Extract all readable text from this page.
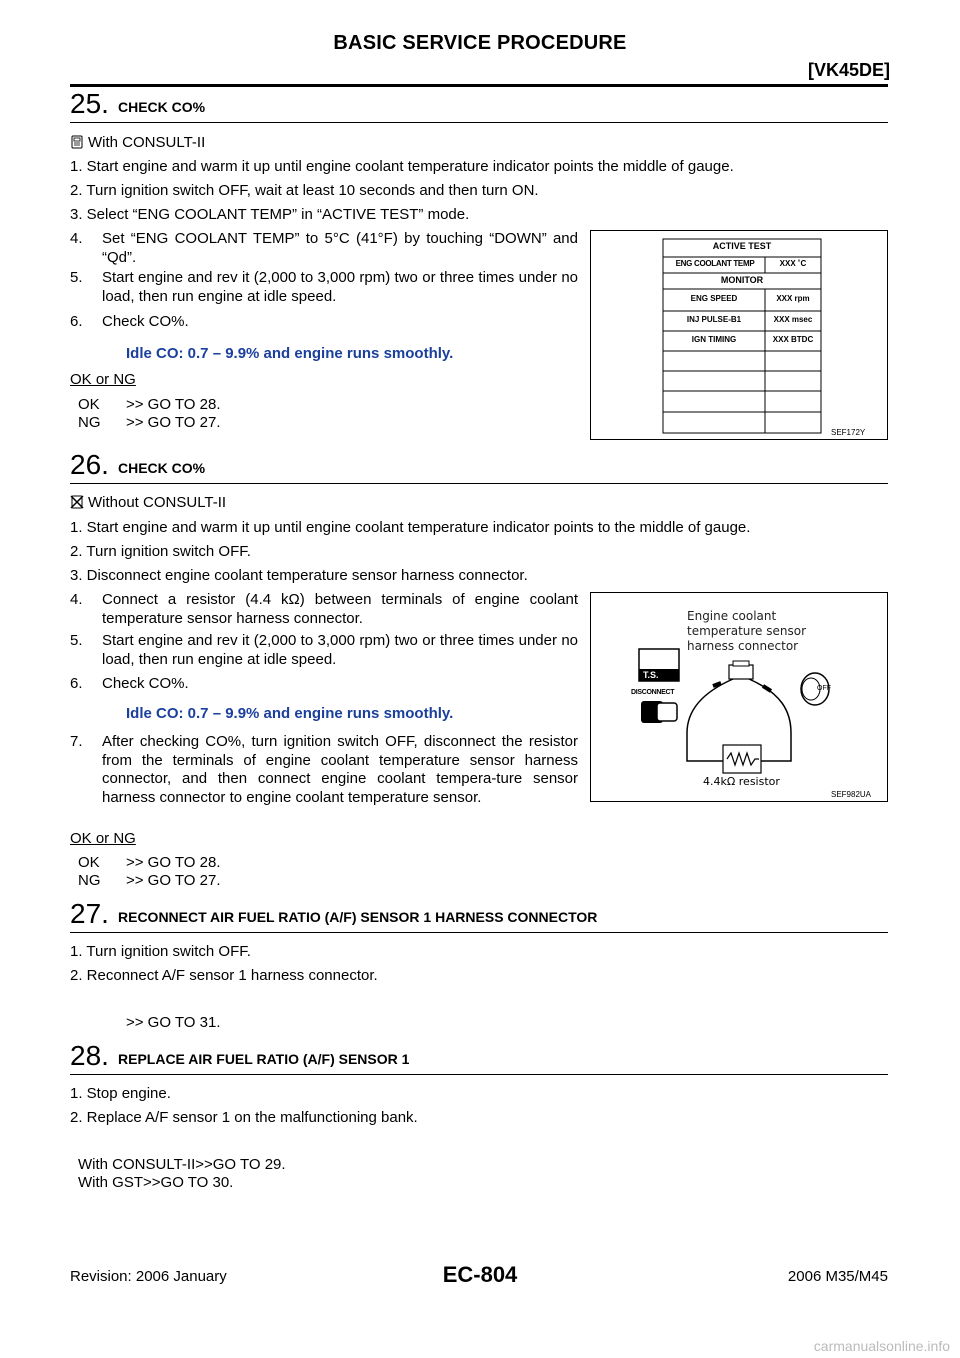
BASIC SERVICE PROCEDURE
[VK45DE]
25. CHECK CO%
With CONSULT-II
1. Start engine and warm it up until engine coolant temperature indicator points the middle of gauge.
2. Turn ignition switch OFF, wait at least 10 seconds and then turn ON.
3. Select “ENG COOLANT TEMP” in “ACTIVE TEST” mode.
4. Set “ENG COOLANT TEMP” to 5°C (41°F) by touching “DOWN” and “Qd”.
5. Start engine and rev it (2,000 to 3,000 rpm) two or three times under no load, then run engine at idle speed.
6. Check CO%.
Idle CO: 0.7 – 9.9% and engine runs smoothly.
OK or NG
OK >> GO TO 28.
NG >> GO TO 27.
ACTIVE TEST
ENG COOLANT TEMP	XXX ˚C
MONITOR
ENG SPEED	XXX rpm
INJ PULSE-B1	XXX msec
IGN TIMING	XXX BTDC
SEF172Y
26. CHECK CO%
Without CONSULT-II
1. Start engine and warm it up until engine coolant temperature indicator points to the middle of gauge.
2. Turn ignition switch OFF.
3. Disconnect engine coolant temperature sensor harness connector.
4. Connect a resistor (4.4 kΩ) between terminals of engine coolant temperature sensor harness connector.
5. Start engine and rev it (2,000 to 3,000 rpm) two or three times under no load, then run engine at idle speed.
6. Check CO%.
Idle CO: 0.7 – 9.9% and engine runs smoothly.
7. After checking CO%, turn ignition switch OFF, disconnect the resistor from the terminals of engine coolant temperature sensor harness connector, and then connect engine coolant tempera-ture sensor harness connector to engine coolant temperature sensor.
OK or NG
OK >> GO TO 28.
NG >> GO TO 27.
Engine coolant
temperature sensor
harness connector
T.S.
DISCONNECT
OFF
4.4kΩ resistor
SEF982UA
27. RECONNECT AIR FUEL RATIO (A/F) SENSOR 1 HARNESS CONNECTOR
1. Turn ignition switch OFF.
2. Reconnect A/F sensor 1 harness connector.
>> GO TO 31.
28. REPLACE AIR FUEL RATIO (A/F) SENSOR 1
1. Stop engine.
2. Replace A/F sensor 1 on the malfunctioning bank.
With CONSULT-II>>GO TO 29.
With GST>>GO TO 30.
Revision: 2006 January	EC-804	2006 M35/M45
carmanualsonline.info
